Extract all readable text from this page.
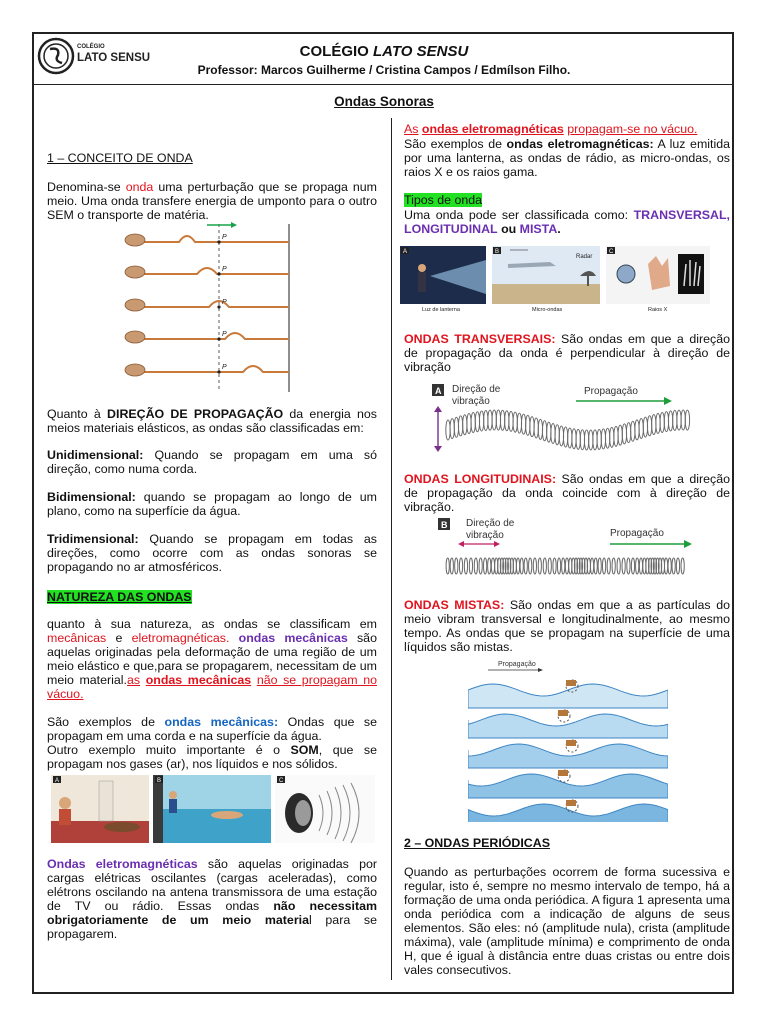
COLÉGIO
LATO SENSU	COLÉGIO LATO SENSU
Professor: Marcos Guilherme / Cristina Campos / Edmílson Filho.
Ondas Sonoras
1 – CONCEITO DE ONDA
Denomina-se onda uma perturbação que se propaga num meio. Uma onda transfere energia de umponto para o outro SEM o transporte de matéria.
P
P
P
P
P
Quanto à DIREÇÃO DE PROPAGAÇÃO da energia nos meios materiais elásticos, as ondas são classificadas em:
Unidimensional: Quando se propagam em uma só direção, como numa corda.
Bidimensional: quando se propagam ao longo de um plano, como na superfície da água.
Tridimensional: Quando se propagam em todas as direções, como ocorre com as ondas sonoras se propagando no ar atmosféricos.
NATUREZA DAS ONDAS
quanto à sua natureza, as ondas se classificam em mecânicas e eletromagnéticas. ondas mecânicas são aquelas originadas pela deformação de uma região de um meio elástico e que,para se propagarem, necessitam de um meio material.as ondas mecânicas não se propagam no vácuo.
São exemplos de ondas mecânicas: Ondas que se propagam em uma corda e na superfície da água.
Outro exemplo muito importante é o SOM, que se propagam nos gases (ar), nos líquidos e nos sólidos.
A	B	C
Ondas eletromagnéticas são aquelas originadas por cargas elétricas oscilantes (cargas aceleradas), como elétrons oscilando na antena transmissora de uma estação de TV ou rádio. Essas ondas não necessitam obrigatoriamente de um meio material para se propagarem.
As ondas eletromagnéticas propagam-se no vácuo.
São exemplos de ondas eletromagnéticas: A luz emitida por uma lanterna, as ondas de rádio, as micro-ondas, os raios X e os raios gama.
Tipos de onda
Uma onda pode ser classificada como: TRANSVERSAL, LONGITUDINAL ou MISTA.
Radar
A	B	C
Luz de lanterna	Micro-ondas	Raios X
ONDAS TRANSVERSAIS: São ondas em que a direção de propagação da onda é perpendicular à direção de vibração
A Direção de
vibração
Propagação
ONDAS LONGITUDINAIS: São ondas em que a direção de propagação da onda coincide com à direção de vibração.
B Direção de
vibração	Propagação
ONDAS MISTAS: São ondas em que a as partículas do meio vibram transversal e longitudinalmente, ao mesmo tempo. As ondas que se propagam na superfície de uma líquidos são mistas.
Propagação
2 – ONDAS PERIÓDICAS
Quando as perturbações ocorrem de forma sucessiva e regular, isto é, sempre no mesmo intervalo de tempo, há a formação de uma onda periódica. A figura 1 apresenta uma onda periódica com a indicação de alguns de seus elementos. São eles: nó (amplitude nula), crista (amplitude máxima), vale (amplitude mínima) e comprimento de onda H, que é igual à distância entre duas cristas ou entre dois vales consecutivos.
